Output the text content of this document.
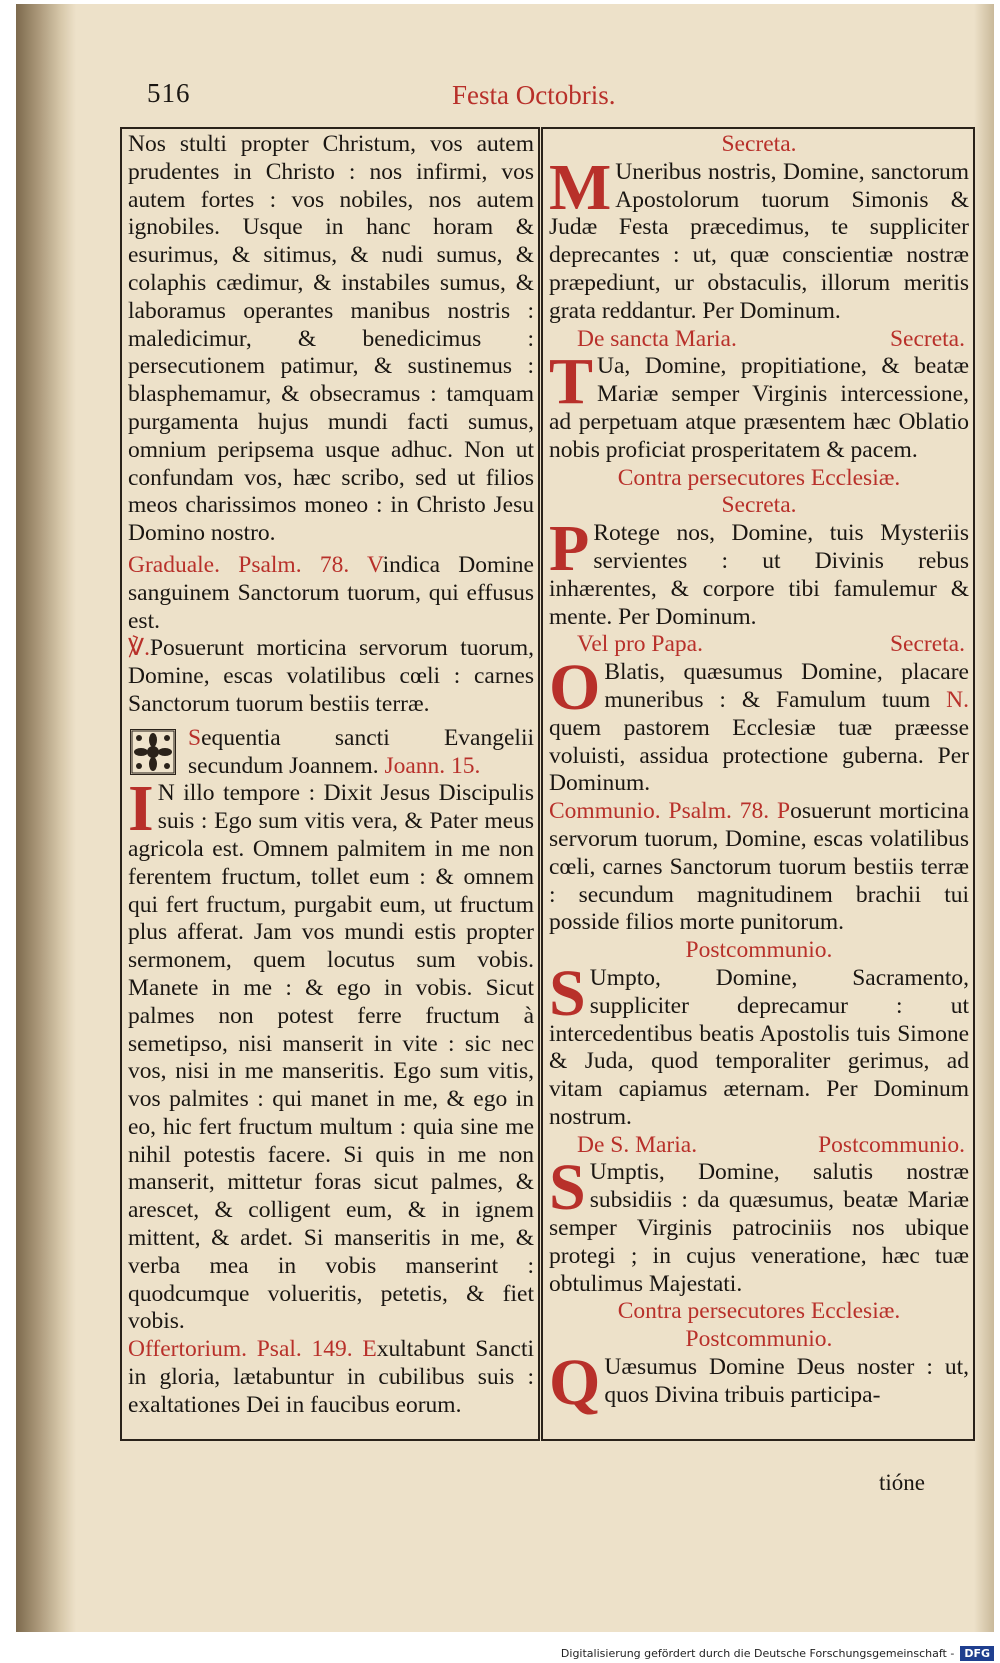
516	Festa Octobris.

Nos stulti propter Christum, vos autem prudentes in Christo : nos infirmi, vos autem fortes : vos nobiles, nos autem ignobiles. Usque in hanc horam & esurimus, & sitimus, & nudi sumus, & colaphis cædimur, & instabiles sumus, & laboramus operantes manibus nostris : maledicimur, & benedicimus : persecutionem patimur, & sustinemus : blasphemamur, & obsecramus : tamquam purgamenta hujus mundi facti sumus, omnium peripsema usque adhuc. Non ut confundam vos, hæc scribo, sed ut filios meos charissimos moneo : in Christo Jesu Domino nostro.

Graduale. Psalm. 78. Vindica Domine sanguinem Sanctorum tuorum, qui effusus est.

℣.Posuerunt morticina servorum tuorum, Domine, escas volatilibus cœli : carnes Sanctorum tuorum bestiis terræ.

Sequentia sancti Evangelii secundum Joannem. Joann. 15.

I N illo tempore : Dixit Jesus Discipulis suis : Ego sum vitis vera, & Pater meus agricola est. Omnem palmitem in me non ferentem fructum, tollet eum : & omnem qui fert fructum, purgabit eum, ut fructum plus afferat. Jam vos mundi estis propter sermonem, quem locutus sum vobis. Manete in me : & ego in vobis. Sicut palmes non potest ferre fructum à semetipso, nisi manserit in vite : sic nec vos, nisi in me manseritis. Ego sum vitis, vos palmites : qui manet in me, & ego in eo, hic fert fructum multum : quia sine me nihil potestis facere. Si quis in me non manserit, mittetur foras sicut palmes, & arescet, & colligent eum, & in ignem mittent, & ardet. Si manseritis in me, & verba mea in vobis manserint : quodcumque volueritis, petetis, & fiet vobis.

Offertorium. Psal. 149. Exultabunt Sancti in gloria, lætabuntur in cubilibus suis : exaltationes Dei in faucibus eorum.

Secreta.

M Uneribus nostris, Domine, sanctorum Apostolorum tuorum Simonis & Judæ Festa præcedimus, te suppliciter deprecantes : ut, quæ conscientiæ nostræ præpediunt, ur obstaculis, illorum meritis grata reddantur. Per Dominum.

De sancta Maria.	Secreta.

T Ua, Domine, propitiatione, & beatæ Mariæ semper Virginis intercessione, ad perpetuam atque præsentem hæc Oblatio nobis proficiat prosperitatem & pacem.

Contra persecutores Ecclesiæ.

Secreta.

P Rotege nos, Domine, tuis Mysteriis servientes : ut Divinis rebus inhærentes, & corpore tibi famulemur & mente. Per Dominum.

Vel pro Papa.	Secreta.

O Blatis, quæsumus Domine, placare muneribus : & Famulum tuum N. quem pastorem Ecclesiæ tuæ præesse voluisti, assidua protectione guberna. Per Dominum.

Communio. Psalm. 78. Posuerunt morticina servorum tuorum, Domine, escas volatilibus cœli, carnes Sanctorum tuorum bestiis terræ : secundum magnitudinem brachii tui posside filios morte punitorum.

Postcommunio.

S Umpto, Domine, Sacramento, suppliciter deprecamur : ut intercedentibus beatis Apostolis tuis Simone & Juda, quod temporaliter gerimus, ad vitam capiamus æternam. Per Dominum nostrum.

De S. Maria.	Postcommunio.

S Umptis, Domine, salutis nostræ subsidiis : da quæsumus, beatæ Mariæ semper Virginis patrociniis nos ubique protegi ; in cujus veneratione, hæc tuæ obtulimus Majestati.

Contra persecutores Ecclesiæ.

Postcommunio.

Q Uæsumus Domine Deus noster : ut, quos Divina tribuis participa-

tióne
Digitalisierung gefördert durch die Deutsche Forschungsgemeinschaft - DFG
